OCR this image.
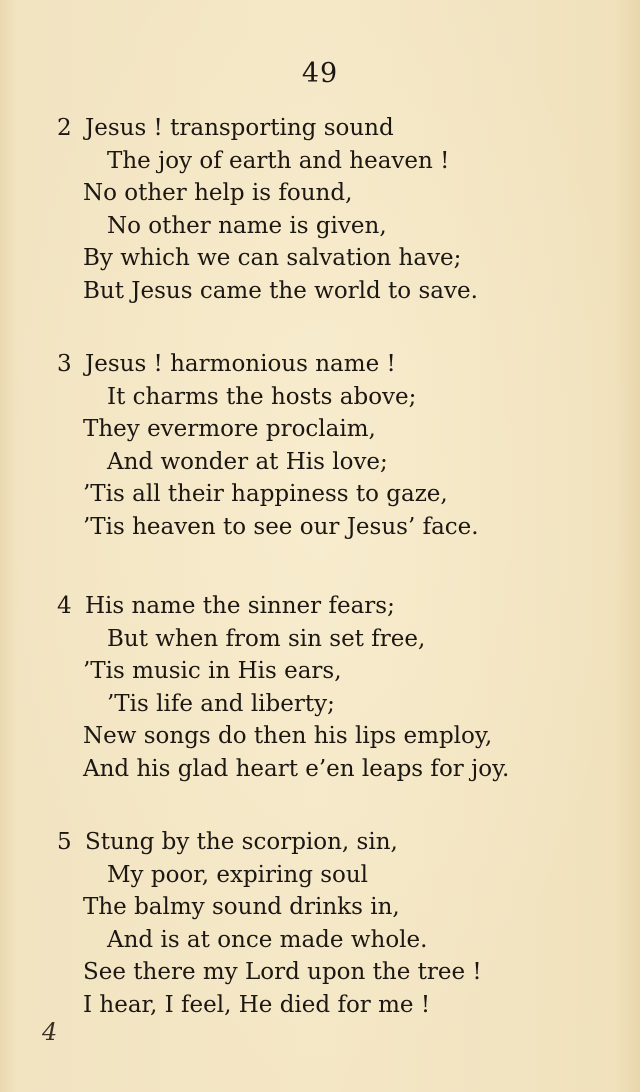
49
2 Jesus ! transporting sound
The joy of earth and heaven !
No other help is found,
No other name is given,
By which we can salvation have;
But Jesus came the world to save.
3 Jesus ! harmonious name !
It charms the hosts above;
They evermore proclaim,
And wonder at His love;
’Tis all their happiness to gaze,
’Tis heaven to see our Jesus’ face.
4 His name the sinner fears;
But when from sin set free,
’Tis music in His ears,
’Tis life and liberty;
New songs do then his lips employ,
And his glad heart e’en leaps for joy.
5 Stung by the scorpion, sin,
My poor, expiring soul
The balmy sound drinks in,
And is at once made whole.
See there my Lord upon the tree !
I hear, I feel, He died for me !
4
